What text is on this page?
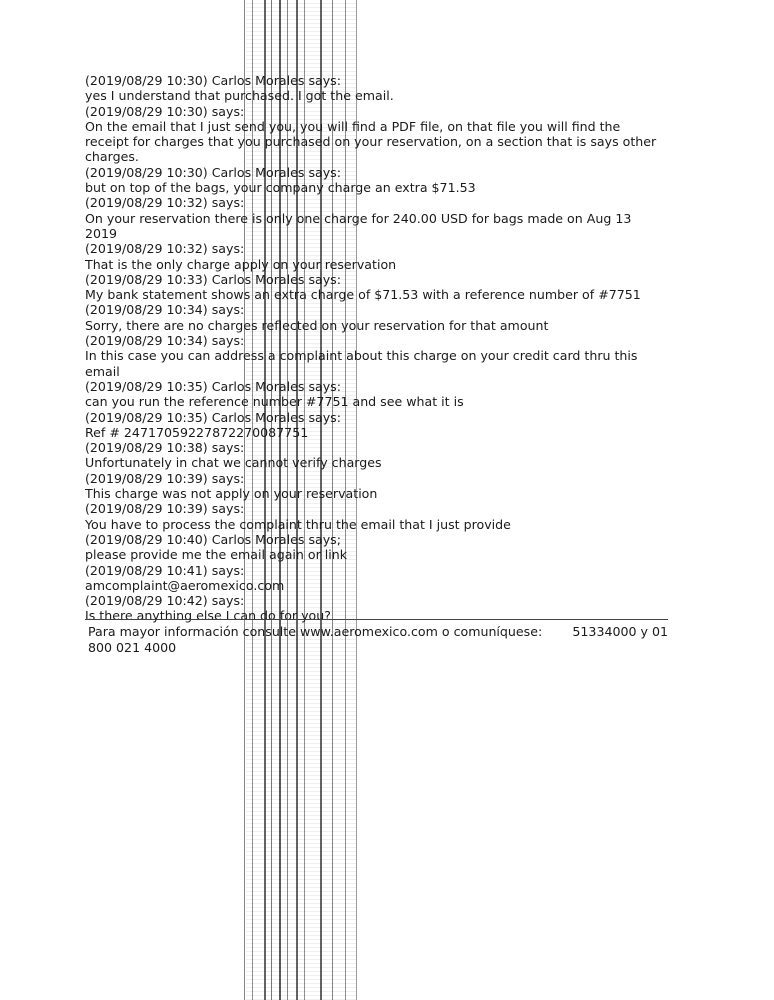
(2019/08/29 10:30) Carlos Morales says:
yes I understand that purchased. I got the email.
(2019/08/29 10:30) says:
On the email that I just send you, you will find a PDF file, on that file you will find the
receipt for charges that you purchased on your reservation, on a section that is says other
charges.
(2019/08/29 10:30) Carlos Morales says:
but on top of the bags, your company charge an extra $71.53
(2019/08/29 10:32) says:
On your reservation there is only one charge for 240.00 USD for bags made on Aug 13 2019
(2019/08/29 10:32) says:
That is the only charge apply on your reservation
(2019/08/29 10:33) Carlos Morales says:
My bank statement shows an extra charge of $71.53 with a reference number of #7751
(2019/08/29 10:34) says:
Sorry, there are no charges reflected on your reservation for that amount
(2019/08/29 10:34) says:
In this case you can address a complaint about this charge on your credit card thru this
email
(2019/08/29 10:35) Carlos Morales says:
can you run the reference number #7751 and see what it is
(2019/08/29 10:35) Carlos Morales says:
Ref # 24717059227872270087751
(2019/08/29 10:38) says:
Unfortunately in chat we cannot verify charges
(2019/08/29 10:39) says:
This charge was not apply on your reservation
(2019/08/29 10:39) says:
You have to process the complaint thru the email that I just provide
(2019/08/29 10:40) Carlos Morales says;
please provide me the email again or link
(2019/08/29 10:41) says:
amcomplaint@aeromexico.com
(2019/08/29 10:42) says:
Is there anything else I can do for you?
Para mayor información consulte www.aeromexico.com o comuníquese: 51334000 y 01
800 021 4000
